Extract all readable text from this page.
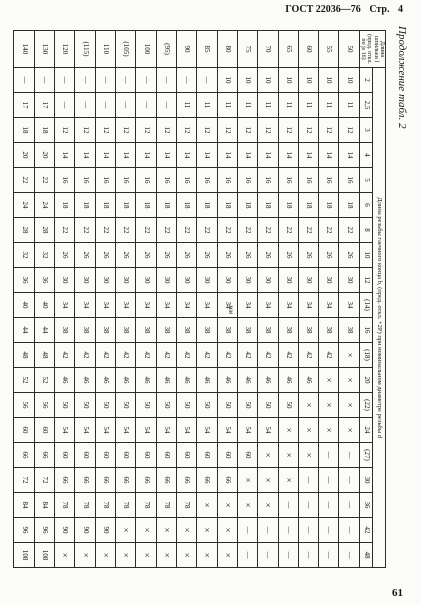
ГОСТ 22036—76 Стр. 4
Продолжение табл. 2
мм
Длина шпильки l (пред. откл. по js 16)	Длина резьбы гаечного конца b, (пред. откл. +2P) при номинальном диаметре резьбы d																			
	2	2,5	3	4	5	6	8	10	12	(14)	16	(18)	20	(22)	24	(27)	30	36	42	48
50	10	11	12	14	16	18	22	26	30	34	38	×	×	×	×	—	—	—	—	—
55	10	11	12	14	16	18	22	26	30	34	38	42	×	×	×	—	—	—	—	—
60	10	11	12	14	16	18	22	26	30	34	38	42	46	×	×	×	—	—	—	—
65	10	11	12	14	16	18	22	26	30	34	38	42	46	50	×	×	×	—	—	—
70	10	11	12	14	16	18	22	26	30	34	38	42	46	50	54	×	×	×	—	—
75	10	11	12	14	16	18	22	26	30	34	38	42	46	50	54	60	×	×	—	—
80	10	11	12	14	16	18	22	26	30	34	38	42	46	50	54	60	66	×	×	×
85	—	11	12	14	16	18	22	26	30	34	38	42	46	50	54	60	66	×	×	×
90	—	11	12	14	16	18	22	26	30	34	38	42	46	50	54	60	66	78	×	×
(95)	—	—	12	14	16	18	22	26	30	34	38	42	46	50	54	60	66	78	×	×
100	—	—	12	14	16	18	22	26	30	34	38	42	46	50	54	60	66	78	×	×
(105)	—	—	12	14	16	18	22	26	30	34	38	42	46	50	54	60	66	78	×	×
110	—	—	12	14	16	18	22	26	30	34	38	42	46	50	54	60	66	78	90	×
(115)	—	—	12	14	16	18	22	26	30	34	38	42	46	50	54	60	66	78	90	×
120	—	—	12	14	16	18	22	26	30	34	38	42	46	50	54	60	66	78	90	×
130	—	17	18	20	22	24	28	32	36	40	44	48	52	56	60	66	72	84	96	108
140	—	17	18	20	22	24	28	32	36	40	44	48	52	56	60	66	72	84	96	108
61
